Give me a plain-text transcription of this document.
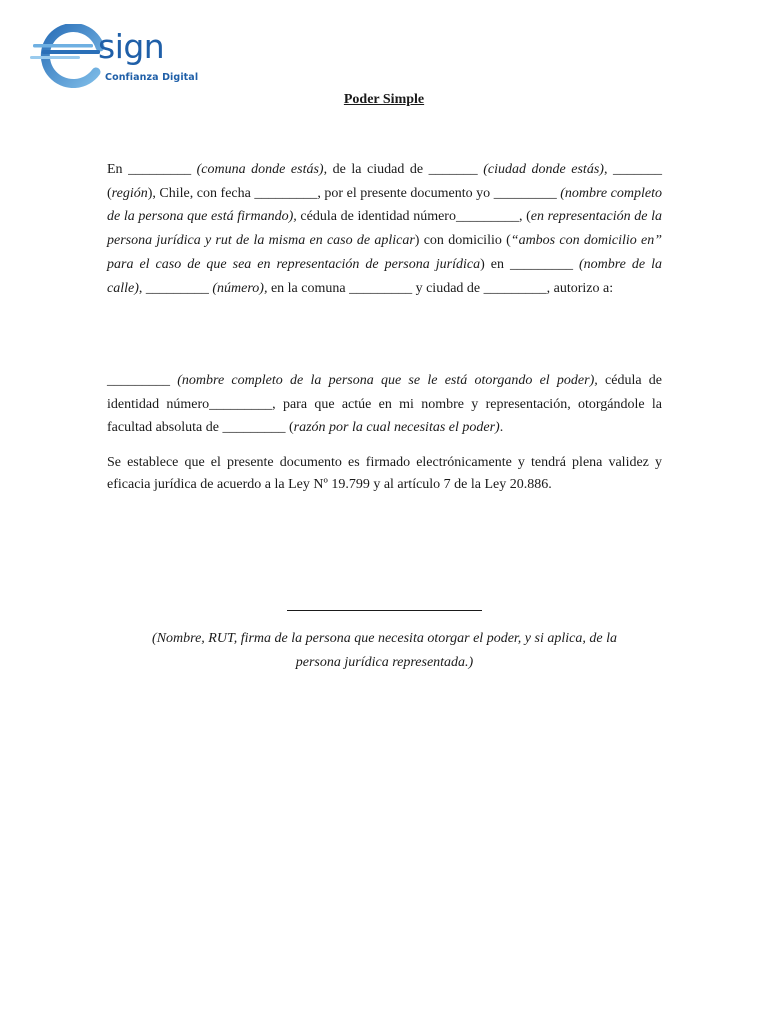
sign
Confianza Digital
Poder Simple
En _________ (comuna donde estás), de la ciudad de _______ (ciudad donde estás), _______ (región), Chile, con fecha _________, por el presente documento yo _________ (nombre completo de la persona que está firmando), cédula de identidad número_________, (en representación de la persona jurídica y rut de la misma en caso de aplicar) con domicilio (“ambos con domicilio en” para el caso de que sea en representación de persona jurídica) en _________ (nombre de la calle), _________ (número), en la comuna _________ y ciudad de _________, autorizo a:
_________ (nombre completo de la persona que se le está otorgando el poder), cédula de identidad número_________, para que actúe en mi nombre y representación, otorgándole la facultad absoluta de _________ (razón por la cual necesitas el poder).
Se establece que el presente documento es firmado electrónicamente y tendrá plena validez y eficacia jurídica de acuerdo a la Ley Nº 19.799 y al artículo 7 de la Ley 20.886.
(Nombre, RUT, firma de la persona que necesita otorgar el poder, y si aplica, de la
persona jurídica representada.)
